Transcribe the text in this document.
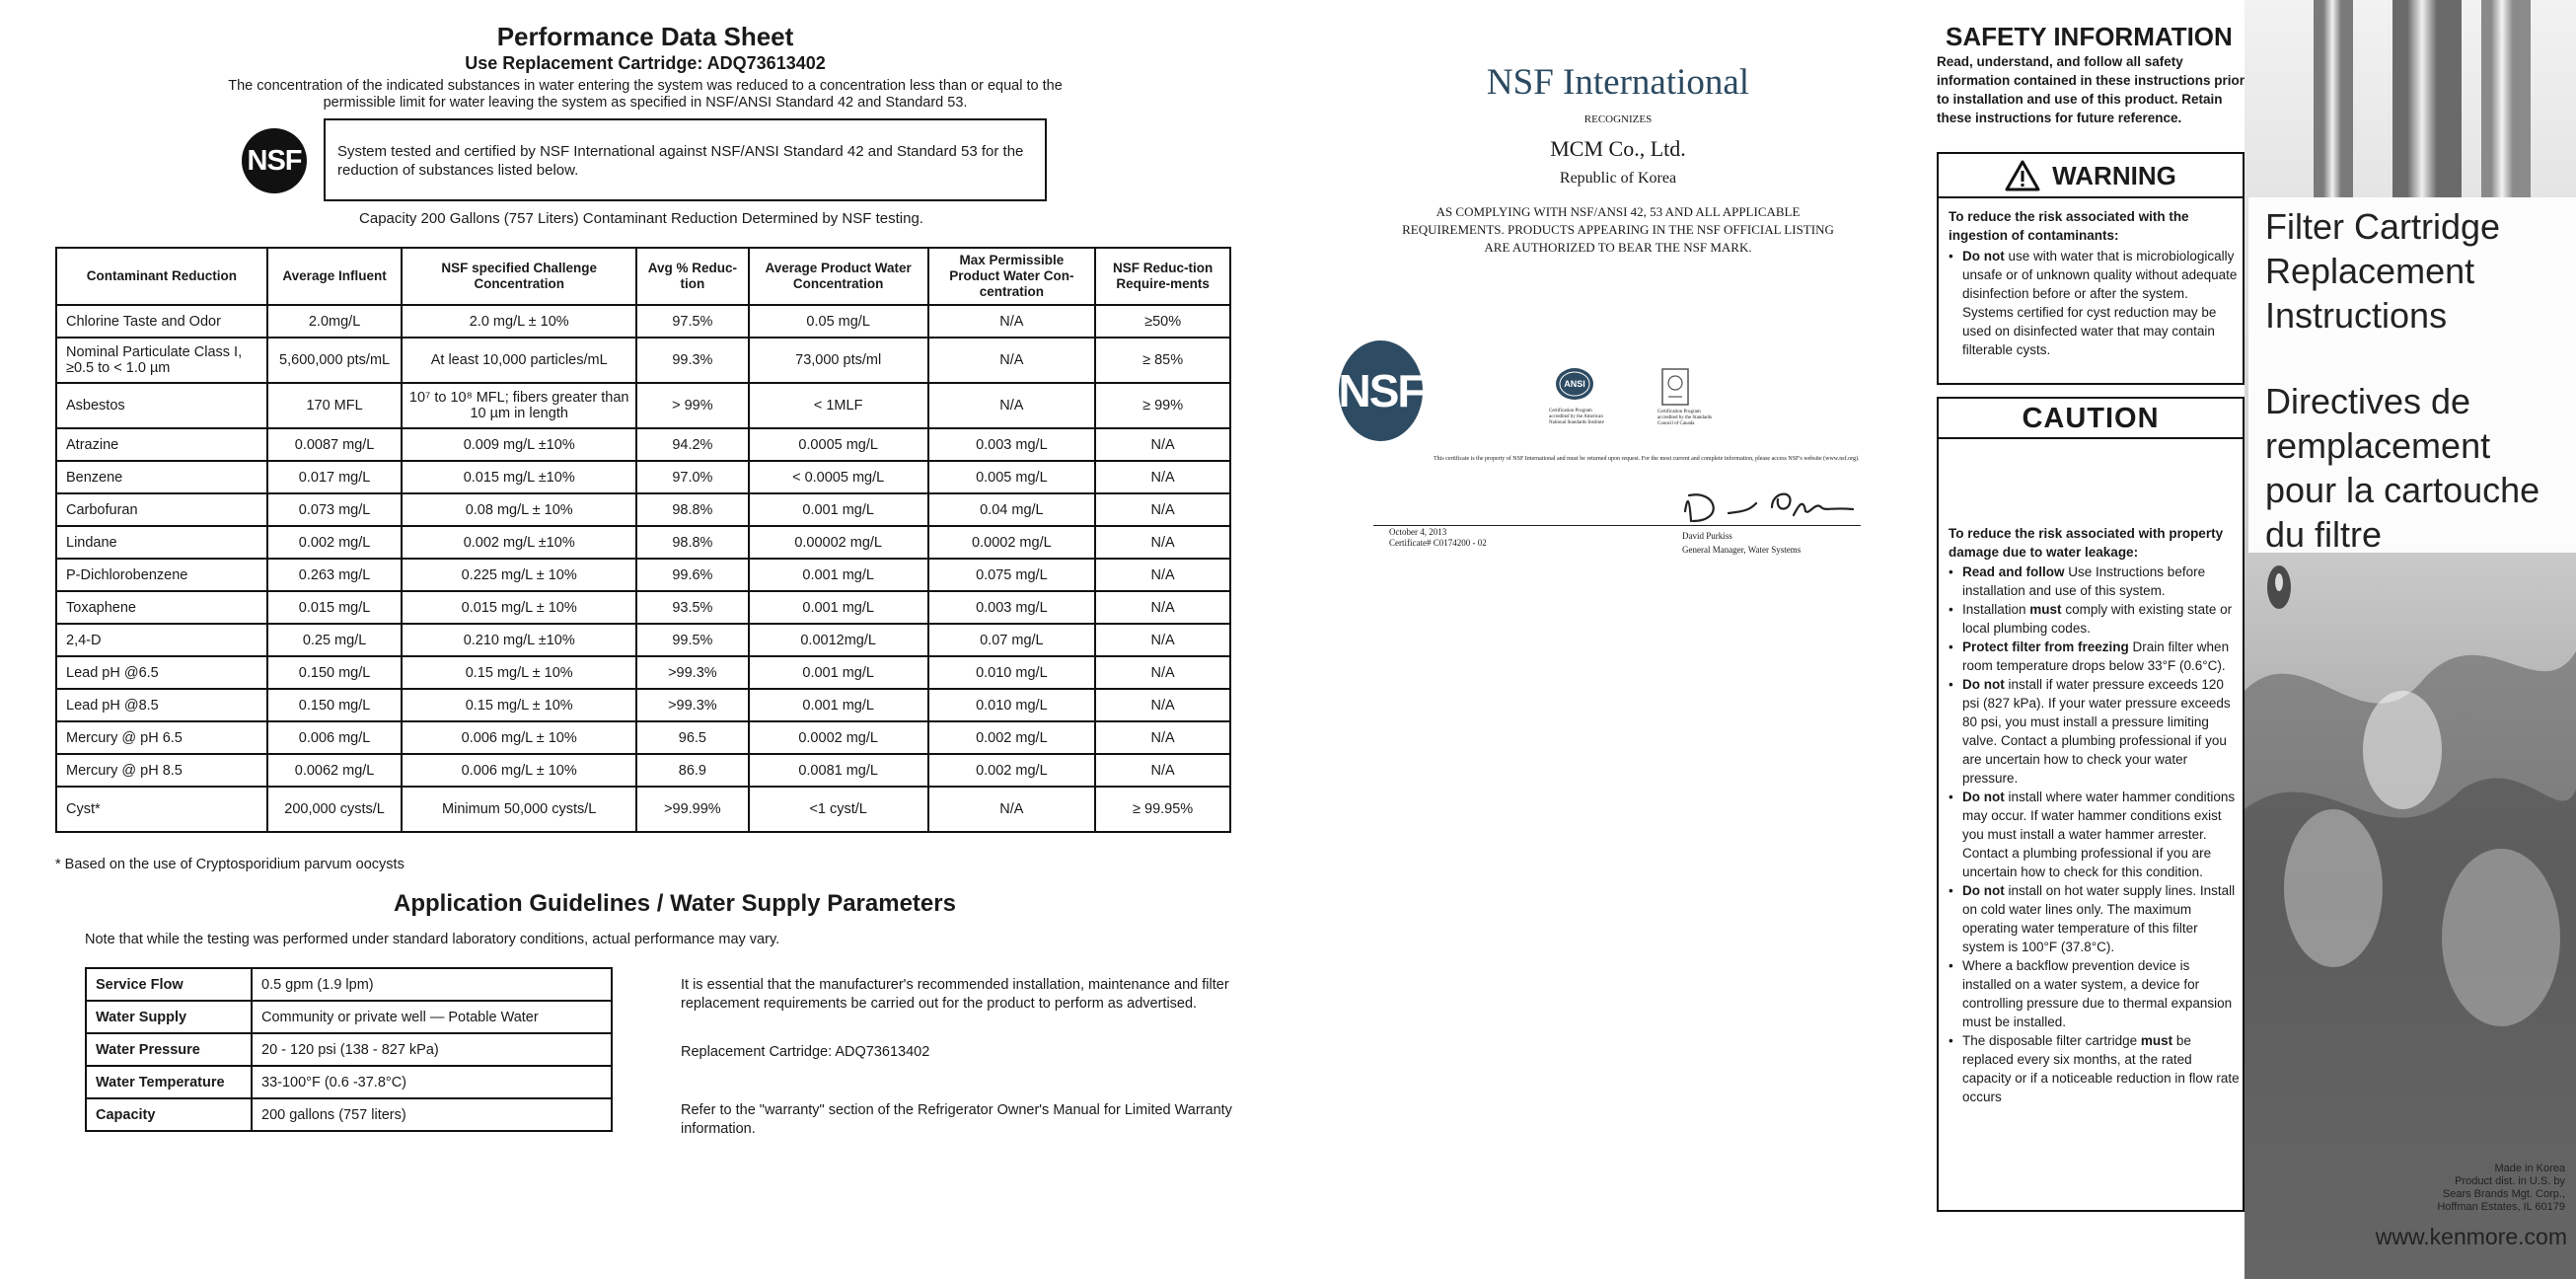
Performance Data Sheet
Use Replacement Cartridge: ADQ73613402
The concentration of the indicated substances in water entering the system was reduced to a concentration less than or equal to the permissible limit for water leaving the system as specified in NSF/ANSI Standard 42 and Standard 53.
NSF	System tested and certified by NSF International against NSF/ANSI Standard 42 and Standard 53 for the reduction of substances listed below.
Capacity 200 Gallons (757 Liters) Contaminant Reduction Determined by NSF testing.
Contaminant Reduction	Average Influent	NSF specified Challenge Concentration	Avg % Reduc-tion	Average Product Water Concentration	Max Permissible Product Water Con-centration	NSF Reduc-tion Require-ments
Chlorine Taste and Odor	2.0mg/L	2.0 mg/L ± 10%	97.5%	0.05 mg/L	N/A	≥50%
Nominal Particulate Class I, ≥0.5 to < 1.0 µm	5,600,000 pts/mL	At least 10,000 particles/mL	99.3%	73,000 pts/ml	N/A	≥ 85%
Asbestos	170 MFL	10⁷ to 10⁸ MFL; fibers greater than 10 µm in length	> 99%	< 1MLF	N/A	≥ 99%
Atrazine	0.0087 mg/L	0.009 mg/L ±10%	94.2%	0.0005 mg/L	0.003 mg/L	N/A
Benzene	0.017 mg/L	0.015 mg/L ±10%	97.0%	< 0.0005 mg/L	0.005 mg/L	N/A
Carbofuran	0.073 mg/L	0.08 mg/L ± 10%	98.8%	0.001 mg/L	0.04 mg/L	N/A
Lindane	0.002 mg/L	0.002 mg/L ±10%	98.8%	0.00002 mg/L	0.0002 mg/L	N/A
P-Dichlorobenzene	0.263 mg/L	0.225 mg/L ± 10%	99.6%	0.001 mg/L	0.075 mg/L	N/A
Toxaphene	0.015 mg/L	0.015 mg/L ± 10%	93.5%	0.001 mg/L	0.003 mg/L	N/A
2,4-D	0.25 mg/L	0.210 mg/L ±10%	99.5%	0.0012mg/L	0.07 mg/L	N/A
Lead pH @6.5	0.150 mg/L	0.15 mg/L ± 10%	>99.3%	0.001 mg/L	0.010 mg/L	N/A
Lead pH @8.5	0.150 mg/L	0.15 mg/L ± 10%	>99.3%	0.001 mg/L	0.010 mg/L	N/A
Mercury @ pH 6.5	0.006 mg/L	0.006 mg/L ± 10%	96.5	0.0002 mg/L	0.002 mg/L	N/A
Mercury @ pH 8.5	0.0062 mg/L	0.006 mg/L ± 10%	86.9	0.0081 mg/L	0.002 mg/L	N/A
Cyst*	200,000 cysts/L	Minimum 50,000 cysts/L	>99.99%	<1 cyst/L	N/A	≥ 99.95%
* Based on the use of Cryptosporidium parvum oocysts
Application Guidelines / Water Supply Parameters
Note that while the testing was performed under standard laboratory conditions, actual performance may vary.
Service Flow	0.5 gpm (1.9 lpm)
Water Supply	Community or private well — Potable Water
Water Pressure	20 - 120 psi (138 - 827 kPa)
Water Temperature	33-100°F (0.6 -37.8°C)
Capacity	200 gallons (757 liters)
It is essential that the manufacturer's recommended installation, maintenance and filter replacement requirements be carried out for the product to perform as advertised.
Replacement Cartridge: ADQ73613402
Refer to the "warranty" section of the Refrigerator Owner's Manual for Limited Warranty information.
NSF International
RECOGNIZES
MCM Co., Ltd.
Republic of Korea
AS COMPLYING WITH NSF/ANSI 42, 53 AND ALL APPLICABLE REQUIREMENTS. PRODUCTS APPEARING IN THE NSF OFFICIAL LISTING ARE AUTHORIZED TO BEAR THE NSF MARK.
NSF	ANSI
Certification Program accredited by the American National Standards Institute
Certification Program accredited by the Standards Council of Canada
This certificate is the property of NSF International and must be returned upon request. For the most current and complete information, please access NSF's website (www.nsf.org).
October 4, 2013
Certificate# C0174200 - 02
David Purkiss
General Manager, Water Systems
SAFETY INFORMATION
Read, understand, and follow all safety information contained in these instructions prior to installation and use of this product. Retain these instructions for future reference.
WARNING
To reduce the risk associated with the ingestion of contaminants:
• Do not use with water that is microbiologically unsafe or of unknown quality without adequate disinfection before or after the system. Systems certified for cyst reduction may be used on disinfected water that may contain filterable cysts.
CAUTION
To reduce the risk associated with property damage due to water leakage:
• Read and follow Use Instructions before installation and use of this system.
• Installation must comply with existing state or local plumbing codes.
• Protect filter from freezing Drain filter when room temperature drops below 33°F (0.6°C).
• Do not install if water pressure exceeds 120 psi (827 kPa). If your water pressure exceeds 80 psi, you must install a pressure limiting valve. Contact a plumbing professional if you are uncertain how to check your water pressure.
• Do not install where water hammer conditions may occur. If water hammer conditions exist you must install a water hammer arrester. Contact a plumbing professional if you are uncertain how to check for this condition.
• Do not install on hot water supply lines. Install on cold water lines only. The maximum operating water temperature of this filter system is 100°F (37.8°C).
• Where a backflow prevention device is installed on a water system, a device for controlling pressure due to thermal expansion must be installed.
• The disposable filter cartridge must be replaced every six months, at the rated capacity or if a noticeable reduction in flow rate occurs
Filter Cartridge
Replacement
Instructions
Directives de
remplacement
pour la cartouche
du filtre
Made in Korea
Product dist. in U.S. by
Sears Brands Mgt. Corp.,
Hoffman Estates, IL 60179
www.kenmore.com
